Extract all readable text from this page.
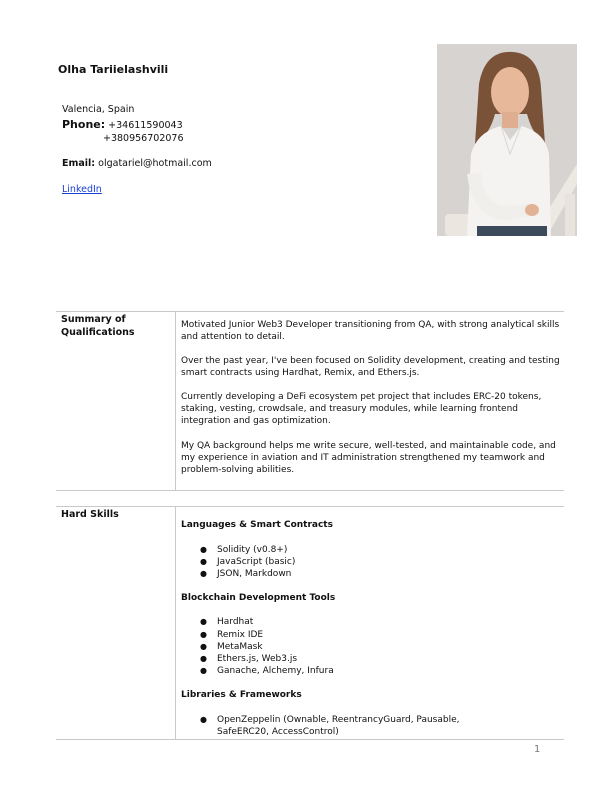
Olha Tariielashvili
Valencia, Spain
Phone: +34611590043
+380956702076
Email: olgatariel@hotmail.com
LinkedIn
Summary of Qualifications
Motivated Junior Web3 Developer transitioning from QA, with strong analytical skills and attention to detail.
Over the past year, I've been focused on Solidity development, creating and testing smart contracts using Hardhat, Remix, and Ethers.js.
Currently developing a DeFi ecosystem pet project that includes ERC-20 tokens, staking, vesting, crowdsale, and treasury modules, while learning frontend integration and gas optimization.
My QA background helps me write secure, well-tested, and maintainable code, and my experience in aviation and IT administration strengthened my teamwork and problem-solving abilities.
Hard Skills
Languages & Smart Contracts
● Solidity (v0.8+)
● JavaScript (basic)
● JSON, Markdown
Blockchain Development Tools
● Hardhat
● Remix IDE
● MetaMask
● Ethers.js, Web3.js
● Ganache, Alchemy, Infura
Libraries & Frameworks
● OpenZeppelin (Ownable, ReentrancyGuard, Pausable, SafeERC20, AccessControl)
1
